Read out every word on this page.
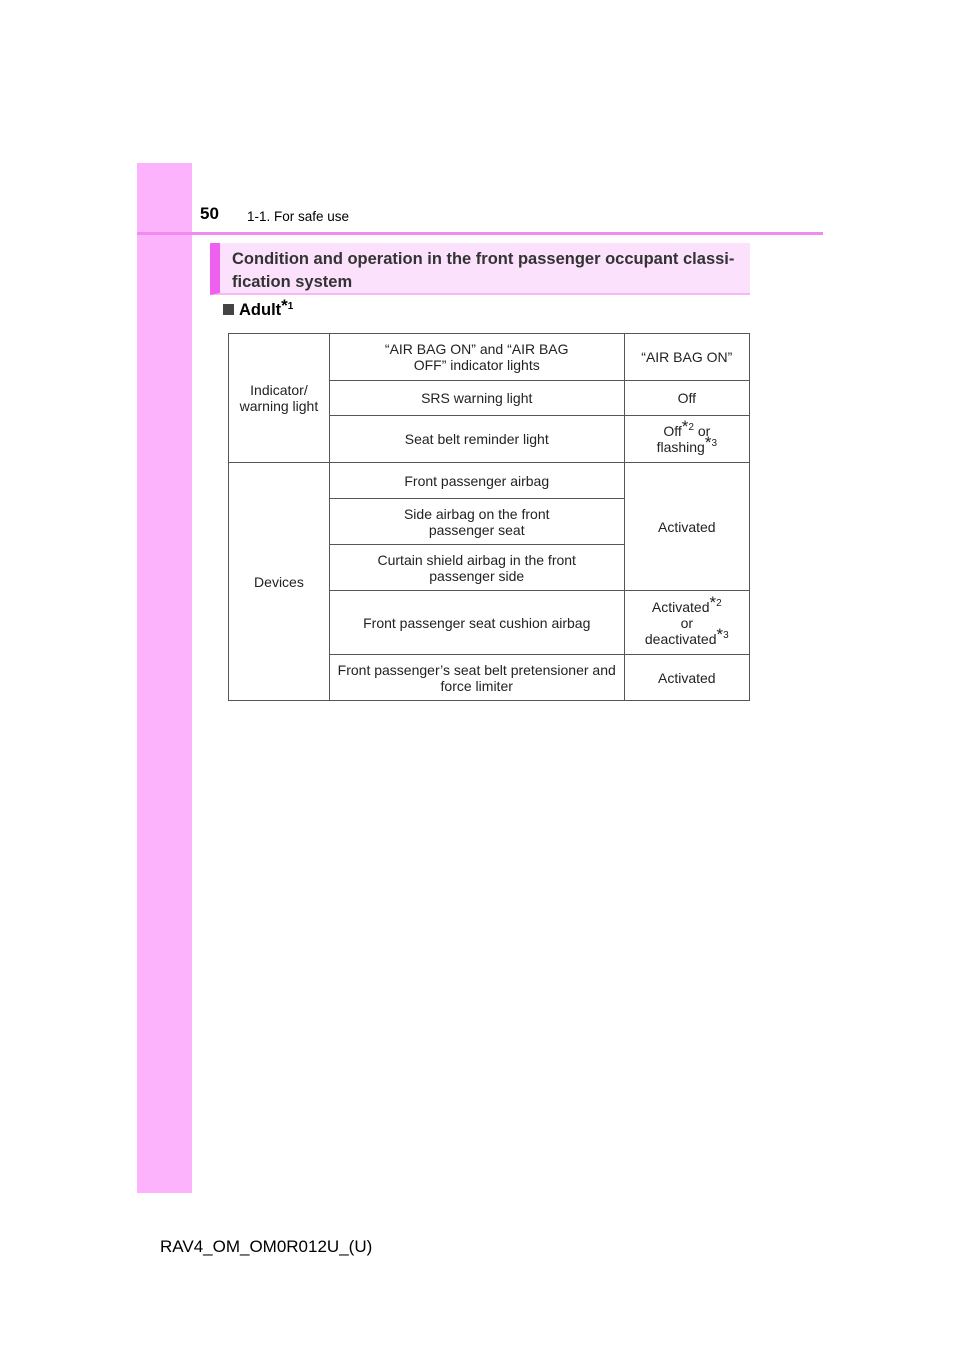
50 1-1. For safe use
Condition and operation in the front passenger occupant classi- fication system
Adult$^{*1}$
Indicator/ warning light	“AIR BAG ON” and “AIR BAG OFF” indicator lights	“AIR BAG ON”
	SRS warning light	Off
	Seat belt reminder light	Off$^{*2}$ or
flashing$^{*3}$
Devices	Front passenger airbag	Activated

	Side airbag on the front passenger seat	

	Curtain shield airbag in the front passenger side	

	Front passenger seat cushion airbag	Activated$^{*2}$
or
deactivated$^{*3}$

	Front passenger’s seat belt pretensioner and force limiter	Activated
RAV4_OM_OM0R012U_(U)
